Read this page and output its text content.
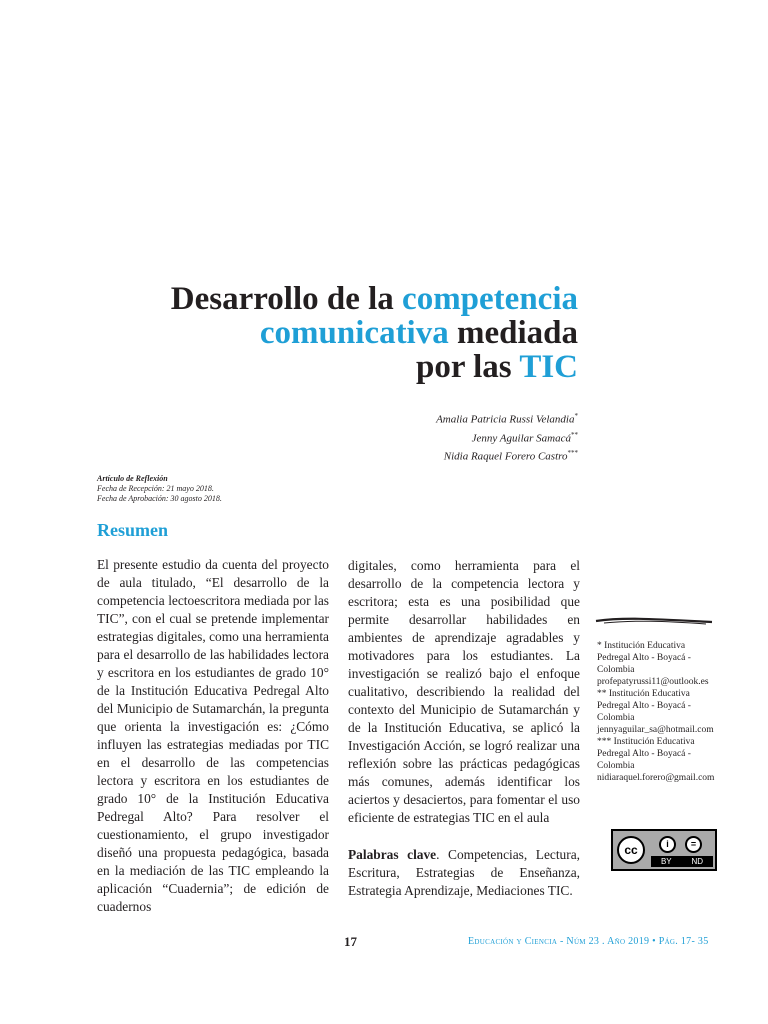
Desarrollo de la competencia
comunicativa mediada
por las TIC
Amalia Patricia Russi Velandia*
Jenny Aguilar Samacá**
Nidia Raquel Forero Castro***
Artículo de Reflexión
Fecha de Recepción: 21 mayo 2018.
Fecha de Aprobación: 30 agosto 2018.
Resumen
El presente estudio da cuenta del proyecto de aula titulado, “El desarrollo de la competencia lectoescritora mediada por las TIC”, con el cual se pretende implementar estrategias digitales, como una herramienta para el desarrollo de las habilidades lectora y escritora en los estudiantes de grado 10° de la Institución Educativa Pedregal Alto del Municipio de Sutamarchán, la pregunta que orienta la investigación es: ¿Cómo influyen las estrategias mediadas por TIC en el desarrollo de las competencias lectora y escritora en los estudiantes de grado 10° de la Institución Educativa Pedregal Alto? Para resolver el cuestionamiento, el grupo investigador diseñó una propuesta pedagógica, basada en la mediación de las TIC empleando la aplicación “Cuadernia”; de edición de cuadernos
digitales, como herramienta para el desarrollo de la competencia lectora y escritora; esta es una posibilidad que permite desarrollar habilidades en ambientes de aprendizaje agradables y motivadores para los estudiantes. La investigación se realizó bajo el enfoque cualitativo, describiendo la realidad del contexto del Municipio de Sutamarchán y de la Institución Educativa, se aplicó la Investigación Acción, se logró realizar una reflexión sobre las prácticas pedagógicas más comunes, además identificar los aciertos y desaciertos, para fomentar el uso eficiente de estrategias TIC en el aula
Palabras clave. Competencias, Lectura, Escritura, Estrategias de Enseñanza, Estrategia Aprendizaje, Mediaciones TIC.
* Institución Educativa Pedregal Alto - Boyacá - Colombia
profepatyrussi11@outlook.es
** Institución Educativa Pedregal Alto - Boyacá - Colombia
jennyaguilar_sa@hotmail.com
*** Institución Educativa Pedregal Alto - Boyacá - Colombia
nidiaraquel.forero@gmail.com
cc	i	=
BY ND
17	Educación y Ciencia - Núm 23 . Año 2019 • Pág. 17- 35
